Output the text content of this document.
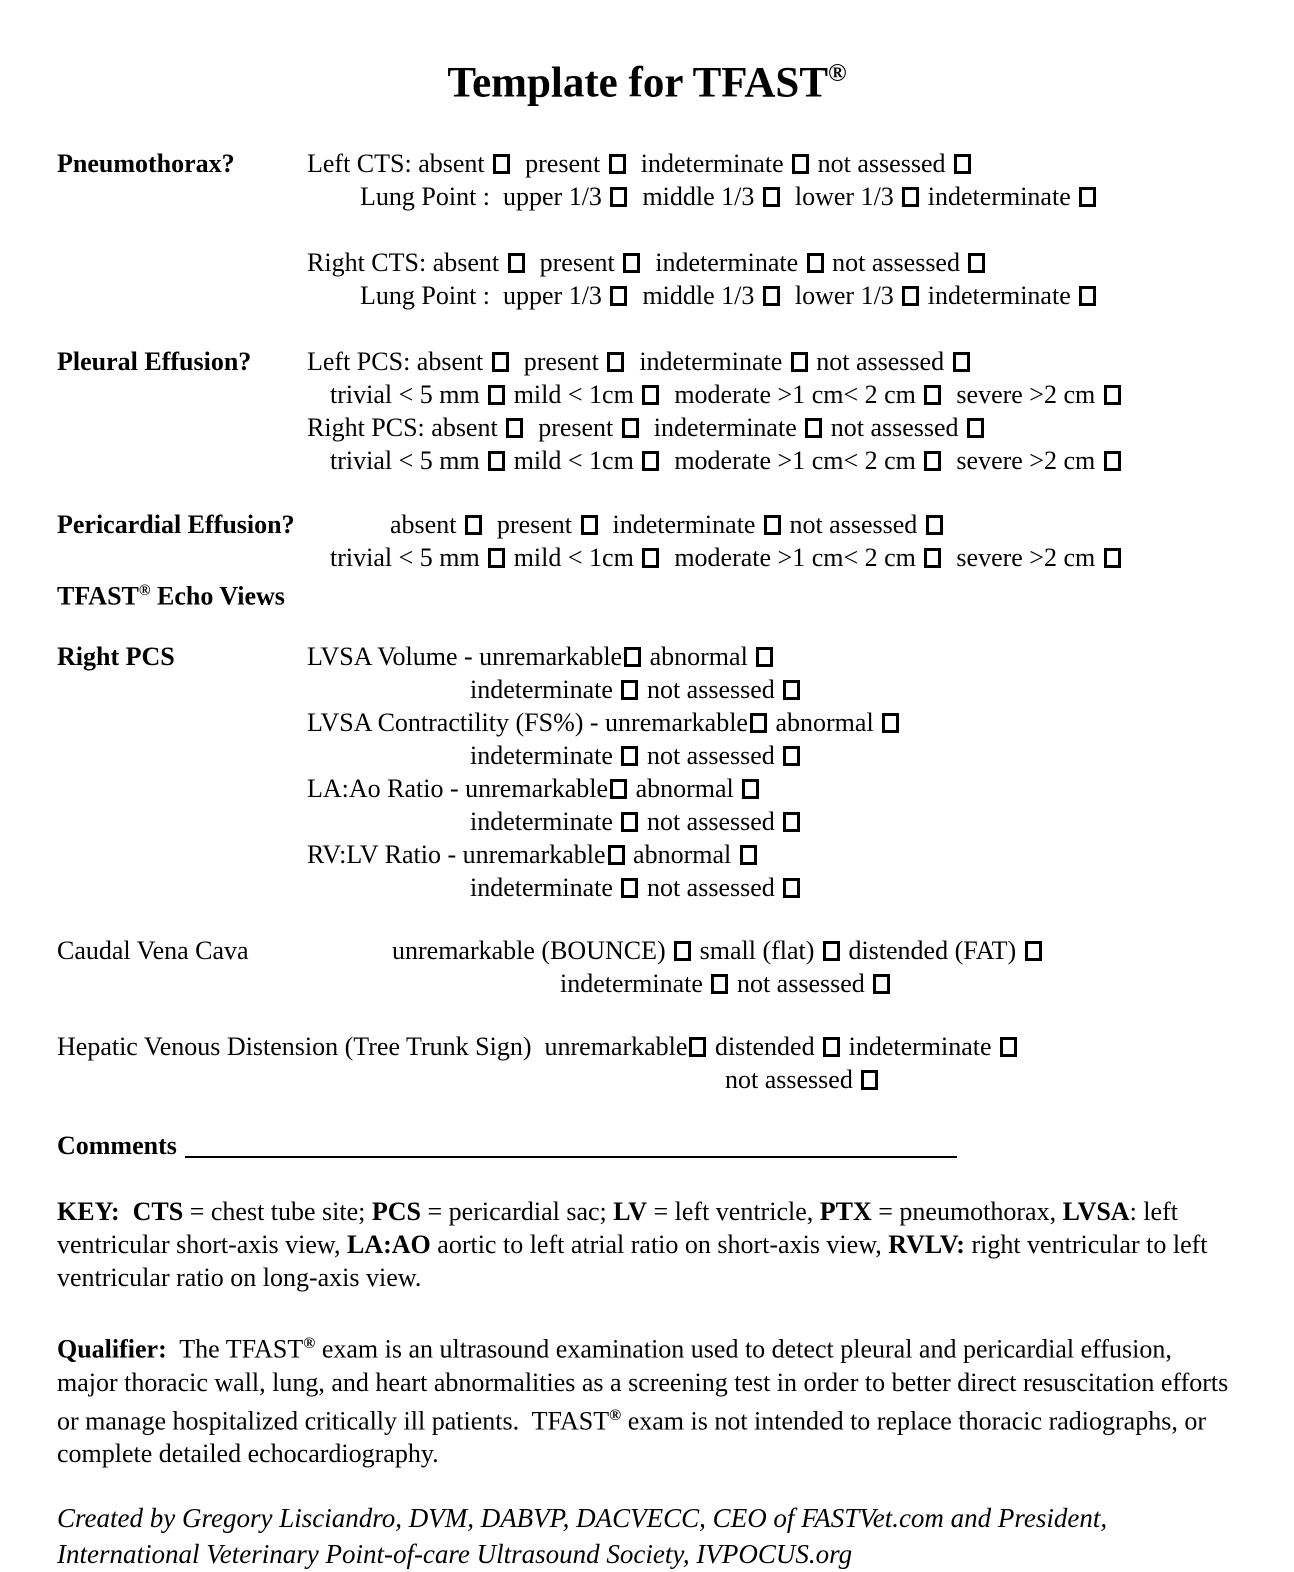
Template for TFAST®
Pneumothorax?	Left CTS: absent   present   indeterminate  not assessed
Lung Point :  upper 1/3   middle 1/3   lower 1/3  indeterminate
Right CTS: absent   present   indeterminate  not assessed
Lung Point :  upper 1/3   middle 1/3   lower 1/3  indeterminate
Pleural Effusion? Left PCS: absent   present   indeterminate  not assessed
trivial < 5 mm  mild < 1cm   moderate >1 cm< 2 cm   severe >2 cm
Right PCS: absent   present   indeterminate  not assessed
trivial < 5 mm  mild < 1cm   moderate >1 cm< 2 cm   severe >2 cm
Pericardial Effusion?	absent   present   indeterminate  not assessed
trivial < 5 mm  mild < 1cm   moderate >1 cm< 2 cm   severe >2 cm
TFAST® Echo Views
Right PCS	LVSA Volume - unremarkable abnormal
indeterminate  not assessed
LVSA Contractility (FS%) - unremarkable abnormal
indeterminate  not assessed
LA:Ao Ratio - unremarkable abnormal
indeterminate  not assessed
RV:LV Ratio - unremarkable abnormal
indeterminate  not assessed
Caudal Vena Cava	unremarkable (BOUNCE)  small (flat)  distended (FAT)
indeterminate  not assessed
Hepatic Venous Distension (Tree Trunk Sign)  unremarkable distended  indeterminate
not assessed
Comments

KEY:  CTS = chest tube site; PCS = pericardial sac; LV = left ventricle, PTX = pneumothorax, LVSA: left ventricular short-axis view, LA:AO aortic to left atrial ratio on short-axis view, RVLV: right ventricular to left ventricular ratio on long-axis view.

Qualifier:  The TFAST® exam is an ultrasound examination used to detect pleural and pericardial effusion, major thoracic wall, lung, and heart abnormalities as a screening test in order to better direct resuscitation efforts or manage hospitalized critically ill patients.  TFAST® exam is not intended to replace thoracic radiographs, or complete detailed echocardiography.

Created by Gregory Lisciandro, DVM, DABVP, DACVECC, CEO of FASTVet.com and President,
International Veterinary Point-of-care Ultrasound Society, IVPOCUS.org
